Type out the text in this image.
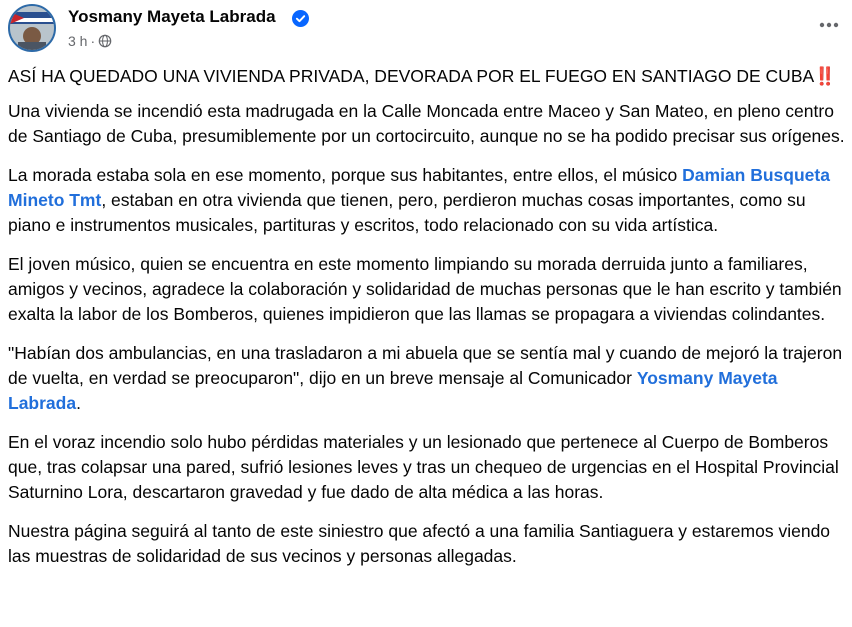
Yosmany Mayeta Labrada
3 h ·

ASÍ HA QUEDADO UNA VIVIENDA PRIVADA, DEVORADA POR EL FUEGO EN SANTIAGO DE CUBA‼️

Una vivienda se incendió esta madrugada en la Calle Moncada entre Maceo y San Mateo, en pleno centro de Santiago de Cuba, presumiblemente por un cortocircuito, aunque no se ha podido precisar sus orígenes.

La morada estaba sola en ese momento, porque sus habitantes, entre ellos, el músico Damian Busqueta Mineto Tmt, estaban en otra vivienda que tienen, pero, perdieron muchas cosas importantes, como su piano e instrumentos musicales, partituras y escritos, todo relacionado con su vida artística.

El joven músico, quien se encuentra en este momento limpiando su morada derruida junto a familiares, amigos y vecinos, agradece la colaboración y solidaridad de muchas personas que le han escrito y también exalta la labor de los Bomberos, quienes impidieron que las llamas se propagara a viviendas colindantes.

"Habían dos ambulancias, en una trasladaron a mi abuela que se sentía mal y cuando de mejoró la trajeron de vuelta, en verdad se preocuparon", dijo en un breve mensaje al Comunicador Yosmany Mayeta Labrada.

En el voraz incendio solo hubo pérdidas materiales y un lesionado que pertenece al Cuerpo de Bomberos que, tras colapsar una pared, sufrió lesiones leves y tras un chequeo de urgencias en el Hospital Provincial Saturnino Lora, descartaron gravedad y fue dado de alta médica a las horas.

Nuestra página seguirá al tanto de este siniestro que afectó a una familia Santiaguera y estaremos viendo las muestras de solidaridad de sus vecinos y personas allegadas.
